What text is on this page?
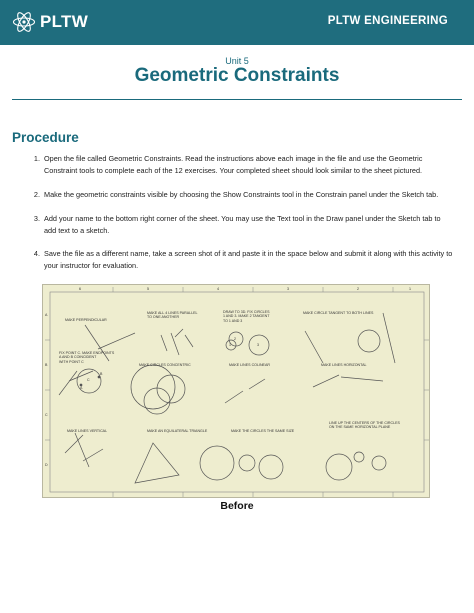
PLTW	PLTW ENGINEERING
Unit 5
Geometric Constraints
Procedure
1. Open the file called Geometric Constraints. Read the instructions above each image in the file and use the Geometric Constraint tools to complete each of the 12 exercises. Your completed sheet should look similar to the sheet pictured.
2. Make the geometric constraints visible by choosing the Show Constraints tool in the Constrain panel under the Sketch tab.
3. Add your name to the bottom right corner of the sheet. You may use the Text tool in the Draw panel under the Sketch tab to add text to a sketch.
4. Save the file as a different name, take a screen shot of it and paste it in the space below and submit it along with this activity to your instructor for evaluation.
MAKE PERPENDICULAR
MAKE ALL 4 LINES PARALLEL
TO ONE ANOTHER
DRAW TO 3D. FIX CIRCLES
1 AND 3. MAKE 2 TANGENT
TO 1 AND 3
MAKE CIRCLE TANGENT TO BOTH LINES
FIX POINT C. MAKE ENDPOINTS
A AND B COINCIDENT
WITH POINT C
MAKE CIRCLES CONCENTRIC	MAKE LINES COLINEAR	MAKE LINES HORIZONTAL
MAKE LINES VERTICAL	MAKE AN EQUILATERAL TRIANGLE	MAKE THE CIRCLES THE SAME SIZE
LINE UP THE CENTERS OF THE CIRCLES
ON THE SAME HORIZONTAL PLANE
A
B
C
1
2
3
A
B
C
D
6	5	4	3	2	1
Before
